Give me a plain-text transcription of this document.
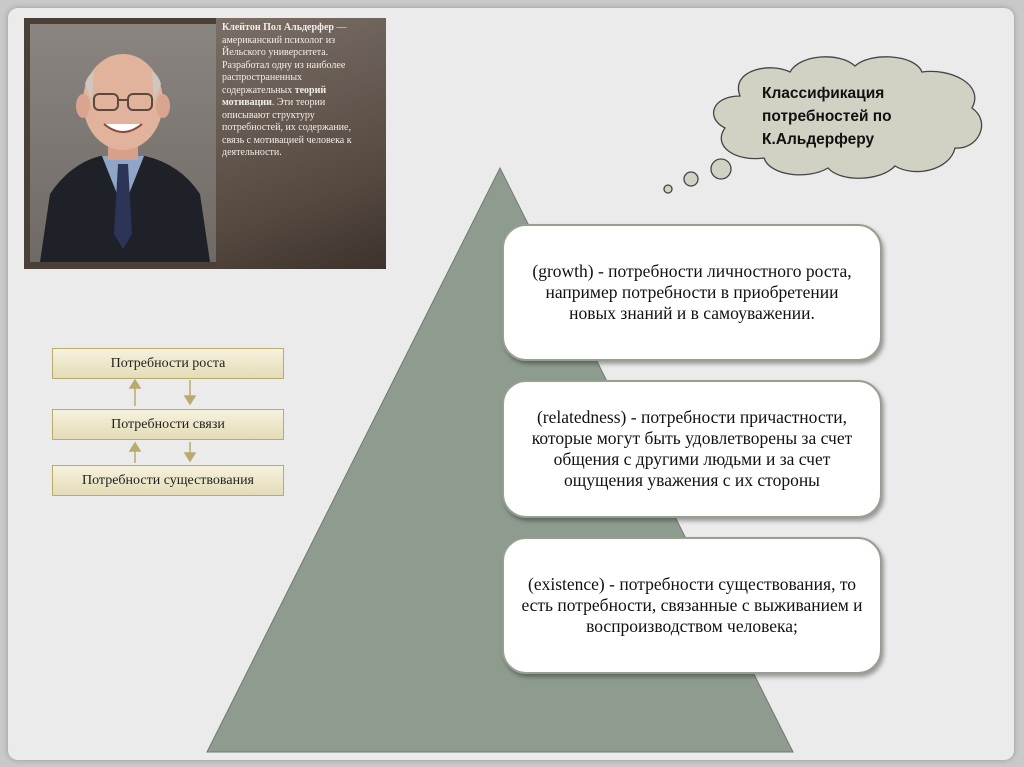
Клейтон Пол Альдерфер — американский психолог из Йельского университета. Разработал одну из наиболее распространенных содержательных теорий мотивации. Эти теории описывают структуру потребностей, их содержание, связь с мотивацией человека к деятельности.
Классификация потребностей по К.Альдерферу
Потребности роста
Потребности связи
Потребности существования
(growth) - потребности личностного роста, например потребности в приобретении новых знаний и в самоуважении.
(relatedness) - потребности причастности, которые могут быть удовлетворены за счет общения с другими людьми и за счет ощущения уважения с их стороны
(existence) - потребности существования, то есть потребности, связанные с выживанием и воспроизводством человека;
